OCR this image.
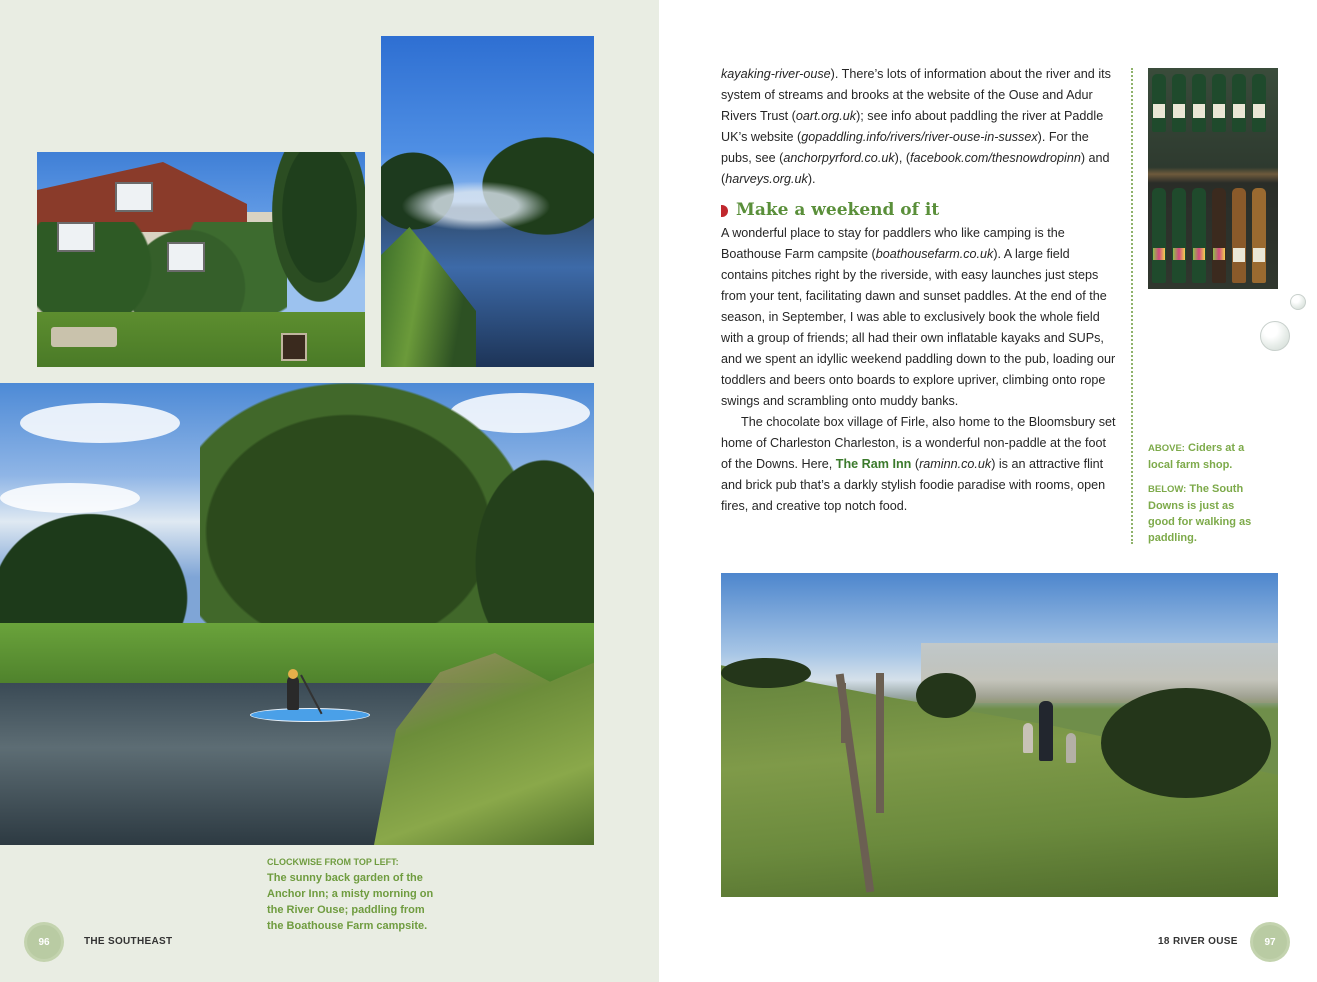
CLOCKWISE FROM TOP LEFT:
The sunny back garden of the Anchor Inn; a misty morning on the River Ouse; paddling from the Boathouse Farm campsite.
96	THE SOUTHEAST

kayaking-river-ouse). There’s lots of information about the river and its system of streams and brooks at the website of the Ouse and Adur Rivers Trust (oart.org.uk); see info about paddling the river at Paddle UK’s website (gopaddling.info/rivers/river-ouse-in-sussex). For the pubs, see (anchorpyrford.co.uk), (facebook.com/thesnowdropinn) and (harveys.org.uk).

Make a weekend of it

A wonderful place to stay for paddlers who like camping is the Boathouse Farm campsite (boathousefarm.co.uk). A large field contains pitches right by the riverside, with easy launches just steps from your tent, facilitating dawn and sunset paddles. At the end of the season, in September, I was able to exclusively book the whole field with a group of friends; all had their own inflatable kayaks and SUPs, and we spent an idyllic weekend paddling down to the pub, loading our toddlers and beers onto boards to explore upriver, climbing onto rope swings and scrambling onto muddy banks.

The chocolate box village of Firle, also home to the Bloomsbury set home of Charleston Charleston, is a wonderful non-paddle at the foot of the Downs. Here, The Ram Inn (raminn.co.uk) is an attractive flint and brick pub that’s a darkly stylish foodie paradise with rooms, open fires, and creative top notch food.

ABOVE: Ciders at a local farm shop.
BELOW: The South Downs is just as good for walking as paddling.
18 RIVER OUSE	97
